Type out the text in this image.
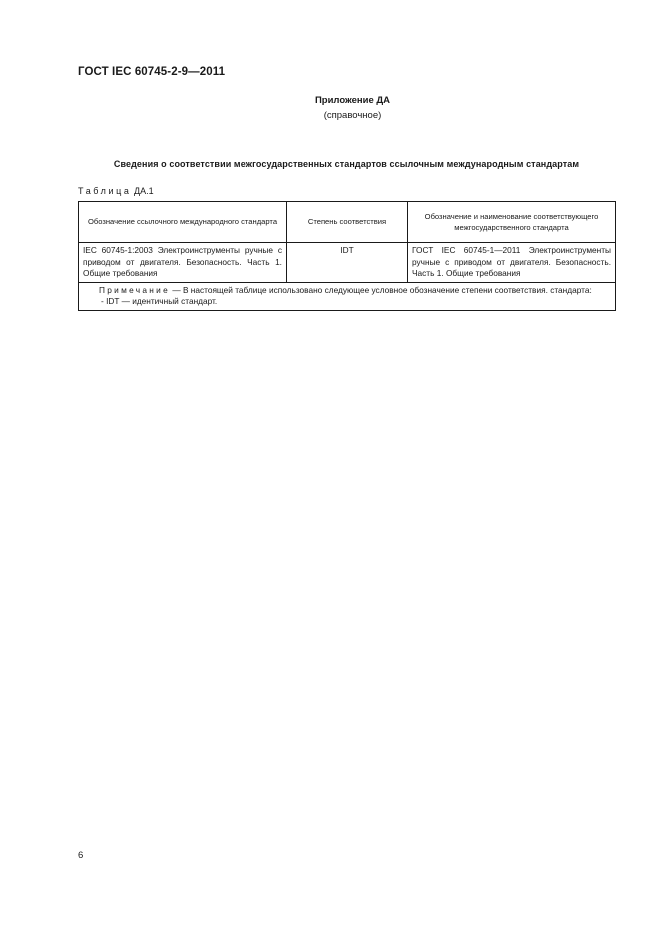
ГОСТ IEC 60745-2-9—2011
Приложение ДА
(справочное)
Сведения о соответствии межгосударственных стандартов ссылочным международным стандартам
Таблица ДА.1
Обозначение ссылочного международного стандарта	Степень соответствия	Обозначение и наименование соответствующего межгосударственного стандарта
IEC 60745-1:2003 Электроинструменты ручные с приводом от двигателя. Безопасность. Часть 1. Общие требования	IDT	ГОСТ IEC 60745-1—2011 Электроинструменты ручные с приводом от двигателя. Безопасность. Часть 1. Общие требования

Примечание — В настоящей таблице использовано следующее условное обозначение степени соответствия. стандарта:
- IDT — идентичный стандарт.		
6
